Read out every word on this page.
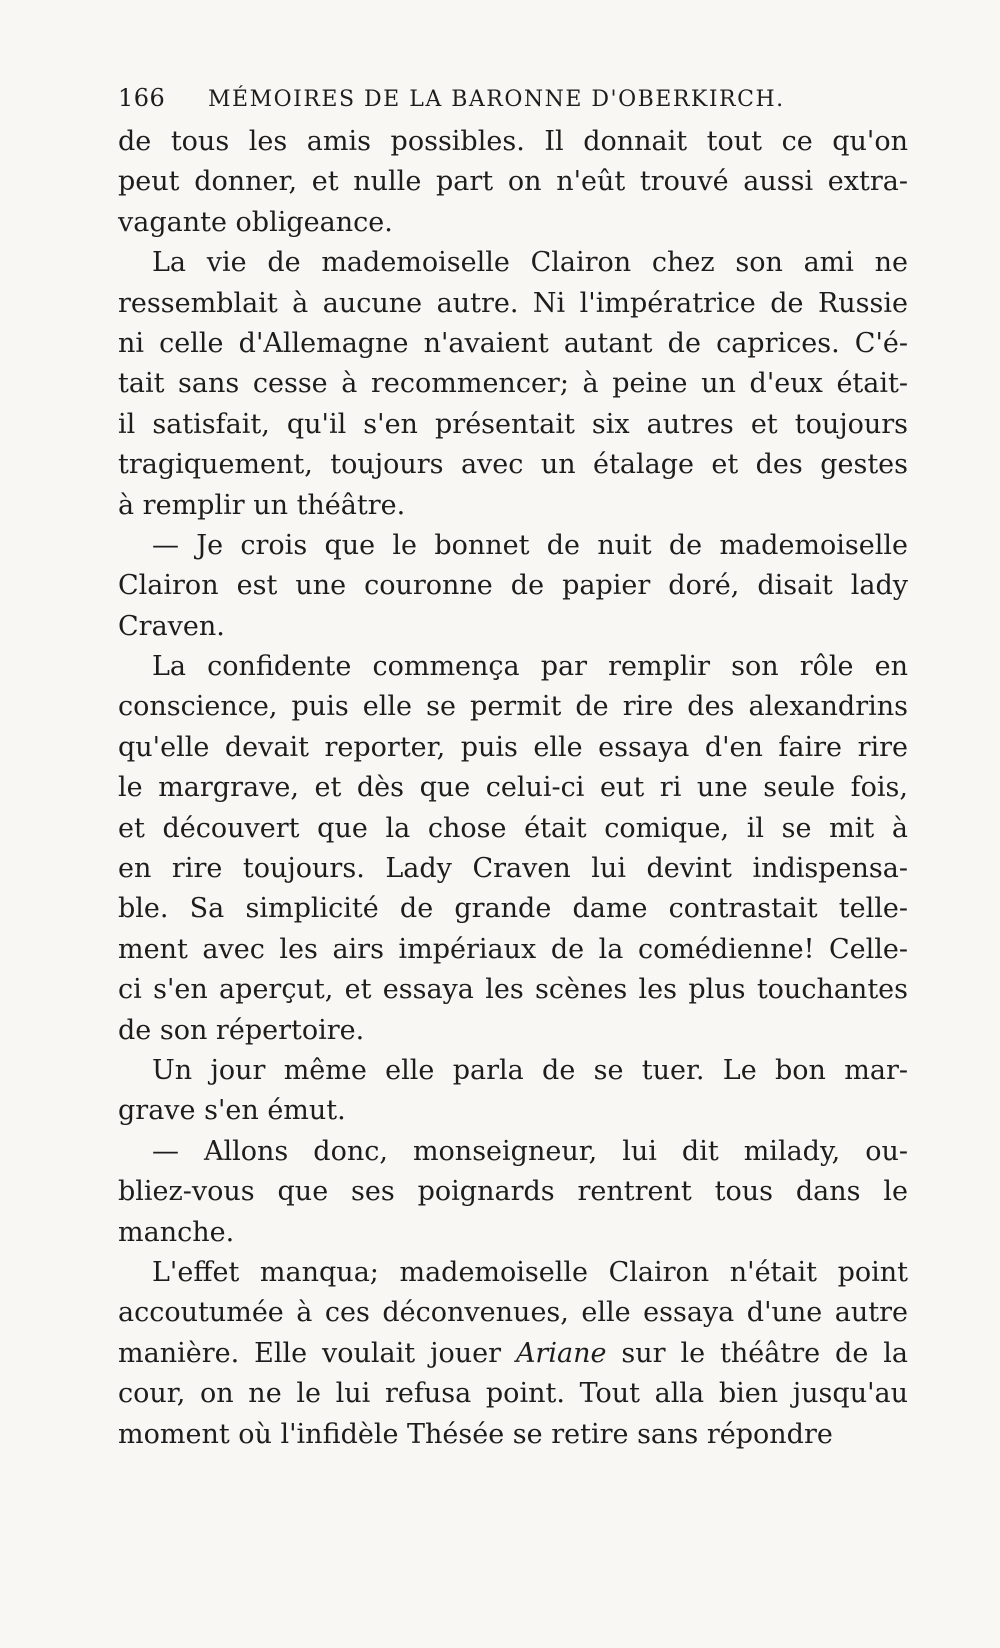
166 MÉMOIRES DE LA BARONNE D'OBERKIRCH.
de tous les amis possibles. Il donnait tout ce qu'on
peut donner, et nulle part on n'eût trouvé aussi extra-
vagante obligeance.
La vie de mademoiselle Clairon chez son ami ne
ressemblait à aucune autre. Ni l'impératrice de Russie
ni celle d'Allemagne n'avaient autant de caprices. C'é-
tait sans cesse à recommencer; à peine un d'eux était-
il satisfait, qu'il s'en présentait six autres et toujours
tragiquement, toujours avec un étalage et des gestes
à remplir un théâtre.
— Je crois que le bonnet de nuit de mademoiselle
Clairon est une couronne de papier doré, disait lady
Craven.
La confidente commença par remplir son rôle en
conscience, puis elle se permit de rire des alexandrins
qu'elle devait reporter, puis elle essaya d'en faire rire
le margrave, et dès que celui-ci eut ri une seule fois,
et découvert que la chose était comique, il se mit à
en rire toujours. Lady Craven lui devint indispensa-
ble. Sa simplicité de grande dame contrastait telle-
ment avec les airs impériaux de la comédienne! Celle-
ci s'en aperçut, et essaya les scènes les plus touchantes
de son répertoire.
Un jour même elle parla de se tuer. Le bon mar-
grave s'en émut.
— Allons donc, monseigneur, lui dit milady, ou-
bliez-vous que ses poignards rentrent tous dans le
manche.
L'effet manqua; mademoiselle Clairon n'était point
accoutumée à ces déconvenues, elle essaya d'une autre
manière. Elle voulait jouer Ariane sur le théâtre de la
cour, on ne le lui refusa point. Tout alla bien jusqu'au
moment où l'infidèle Thésée se retire sans répondre
